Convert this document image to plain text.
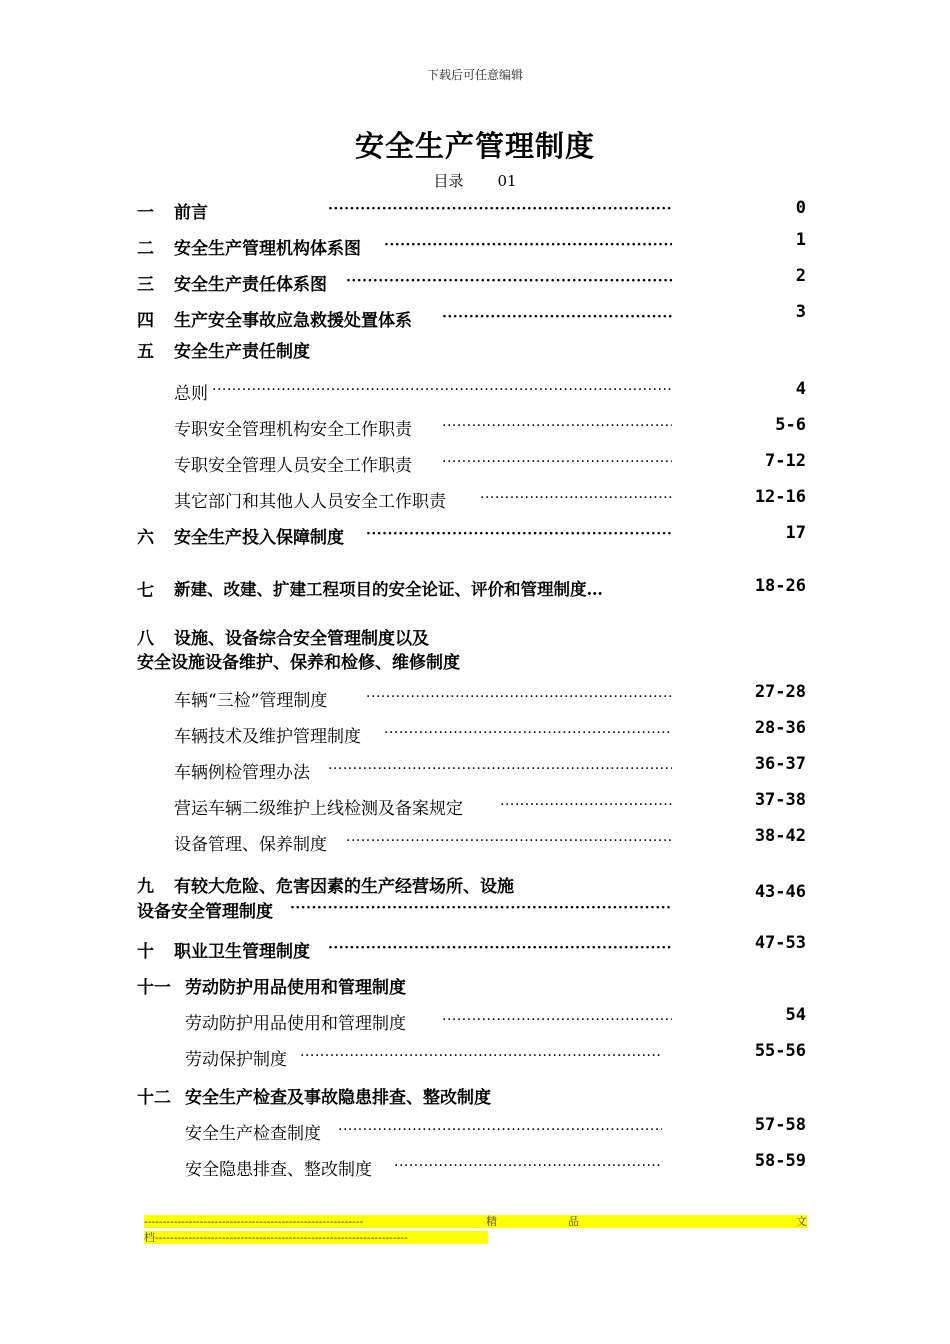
下载后可任意编辑
安全生产管理制度
目录 01
一 前言 ·····	0
二 安全生产管理机构体系图 ·····	1
三 安全生产责任体系图 ·····	2
四 生产安全事故应急救援处置体系 ·····	3
五 安全生产责任制度
总则 ·····	4
专职安全管理机构安全工作职责 ·····	5-6
专职安全管理人员安全工作职责 ·····	7-12
其它部门和其他人人员安全工作职责 ·····	12-16
六 安全生产投入保障制度 ·····	17
七 新建、改建、扩建工程项目的安全论证、评价和管理制度…	18-26
八 设施、设备综合安全管理制度以及
安全设施设备维护、保养和检修、维修制度
车辆“三检”管理制度 ·····	27-28
车辆技术及维护管理制度 ·····	28-36
车辆例检管理办法 ·····	36-37
营运车辆二级维护上线检测及备案规定 ·····	37-38
设备管理、保养制度 ·····	38-42
九 有较大危险、危害因素的生产经营场所、设施	43-46
设备安全管理制度
·····
十 职业卫生管理制度 ·····	47-53
十一 劳动防护用品使用和管理制度
劳动防护用品使用和管理制度 ·····	54
劳动保护制度 ·····	55-56
十二 安全生产检查及事故隐患排查、整改制度
安全生产检查制度 ·····	57-58
安全隐患排查、整改制度 ·····	58-59
-----------------------------------------------------------	精	品	文
档--------------------------------------------------------------------
